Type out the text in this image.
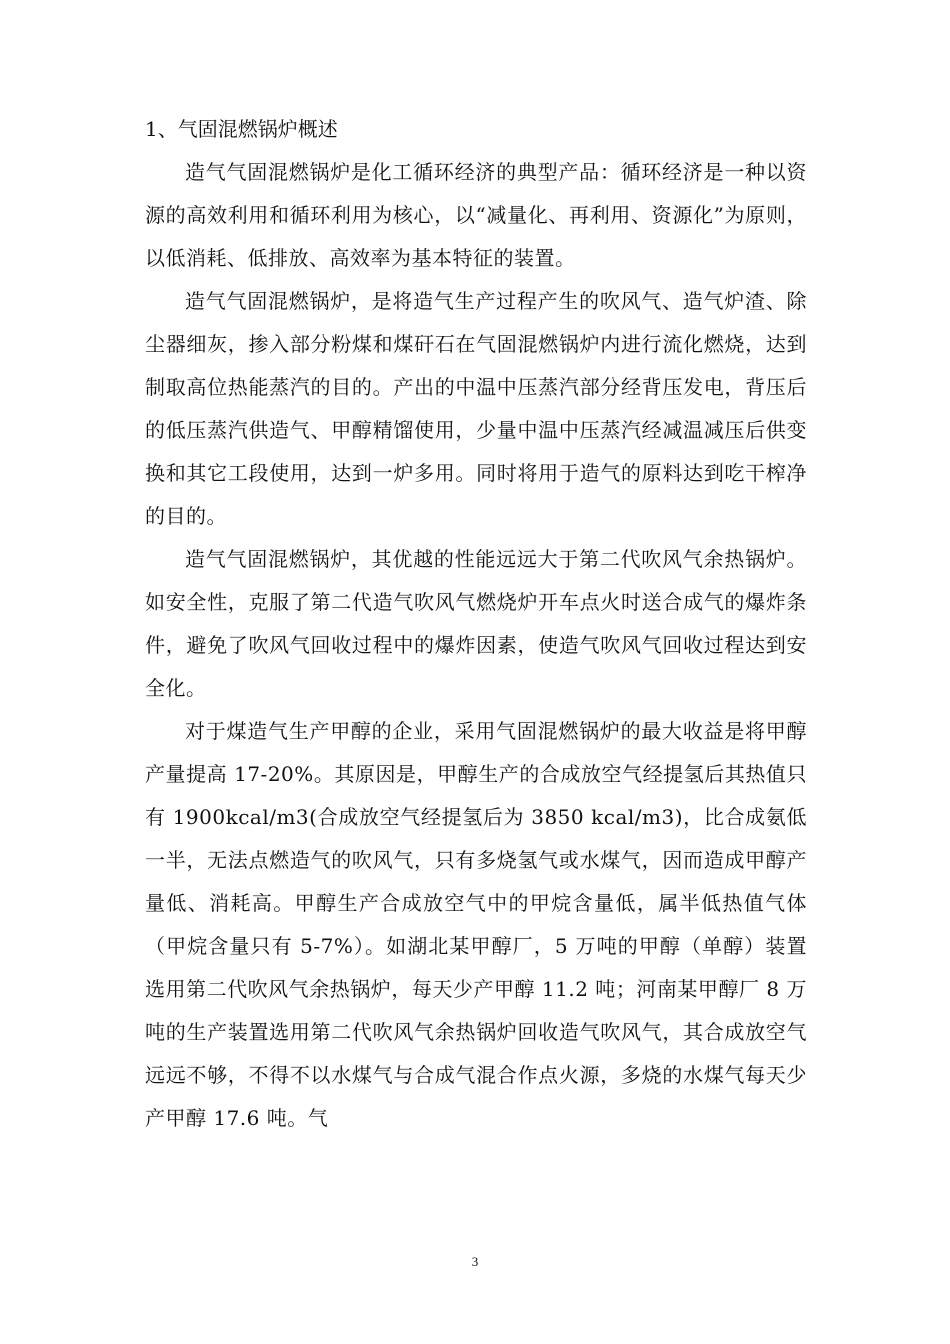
1、气固混燃锅炉概述

造气气固混燃锅炉是化工循环经济的典型产品：循环经济是一种以资源的高效利用和循环利用为核心，以“减量化、再利用、资源化”为原则，以低消耗、低排放、高效率为基本特征的装置。

造气气固混燃锅炉，是将造气生产过程产生的吹风气、造气炉渣、除尘器细灰，掺入部分粉煤和煤矸石在气固混燃锅炉内进行流化燃烧，达到制取高位热能蒸汽的目的。产出的中温中压蒸汽部分经背压发电，背压后的低压蒸汽供造气、甲醇精馏使用，少量中温中压蒸汽经减温减压后供变换和其它工段使用，达到一炉多用。同时将用于造气的原料达到吃干榨净的目的。

造气气固混燃锅炉，其优越的性能远远大于第二代吹风气余热锅炉。如安全性，克服了第二代造气吹风气燃烧炉开车点火时送合成气的爆炸条件，避免了吹风气回收过程中的爆炸因素，使造气吹风气回收过程达到安全化。

对于煤造气生产甲醇的企业，采用气固混燃锅炉的最大收益是将甲醇产量提高 17-20%。其原因是，甲醇生产的合成放空气经提氢后其热值只有 1900kcal/m3(合成放空气经提氢后为 3850 kcal/m3)，比合成氨低一半，无法点燃造气的吹风气，只有多烧氢气或水煤气，因而造成甲醇产量低、消耗高。甲醇生产合成放空气中的甲烷含量低，属半低热值气体（甲烷含量只有 5-7%）。如湖北某甲醇厂，5 万吨的甲醇（单醇）装置选用第二代吹风气余热锅炉，每天少产甲醇 11.2 吨；河南某甲醇厂 8 万吨的生产装置选用第二代吹风气余热锅炉回收造气吹风气，其合成放空气远远不够，不得不以水煤气与合成气混合作点火源，多烧的水煤气每天少产甲醇 17.6 吨。气

3
